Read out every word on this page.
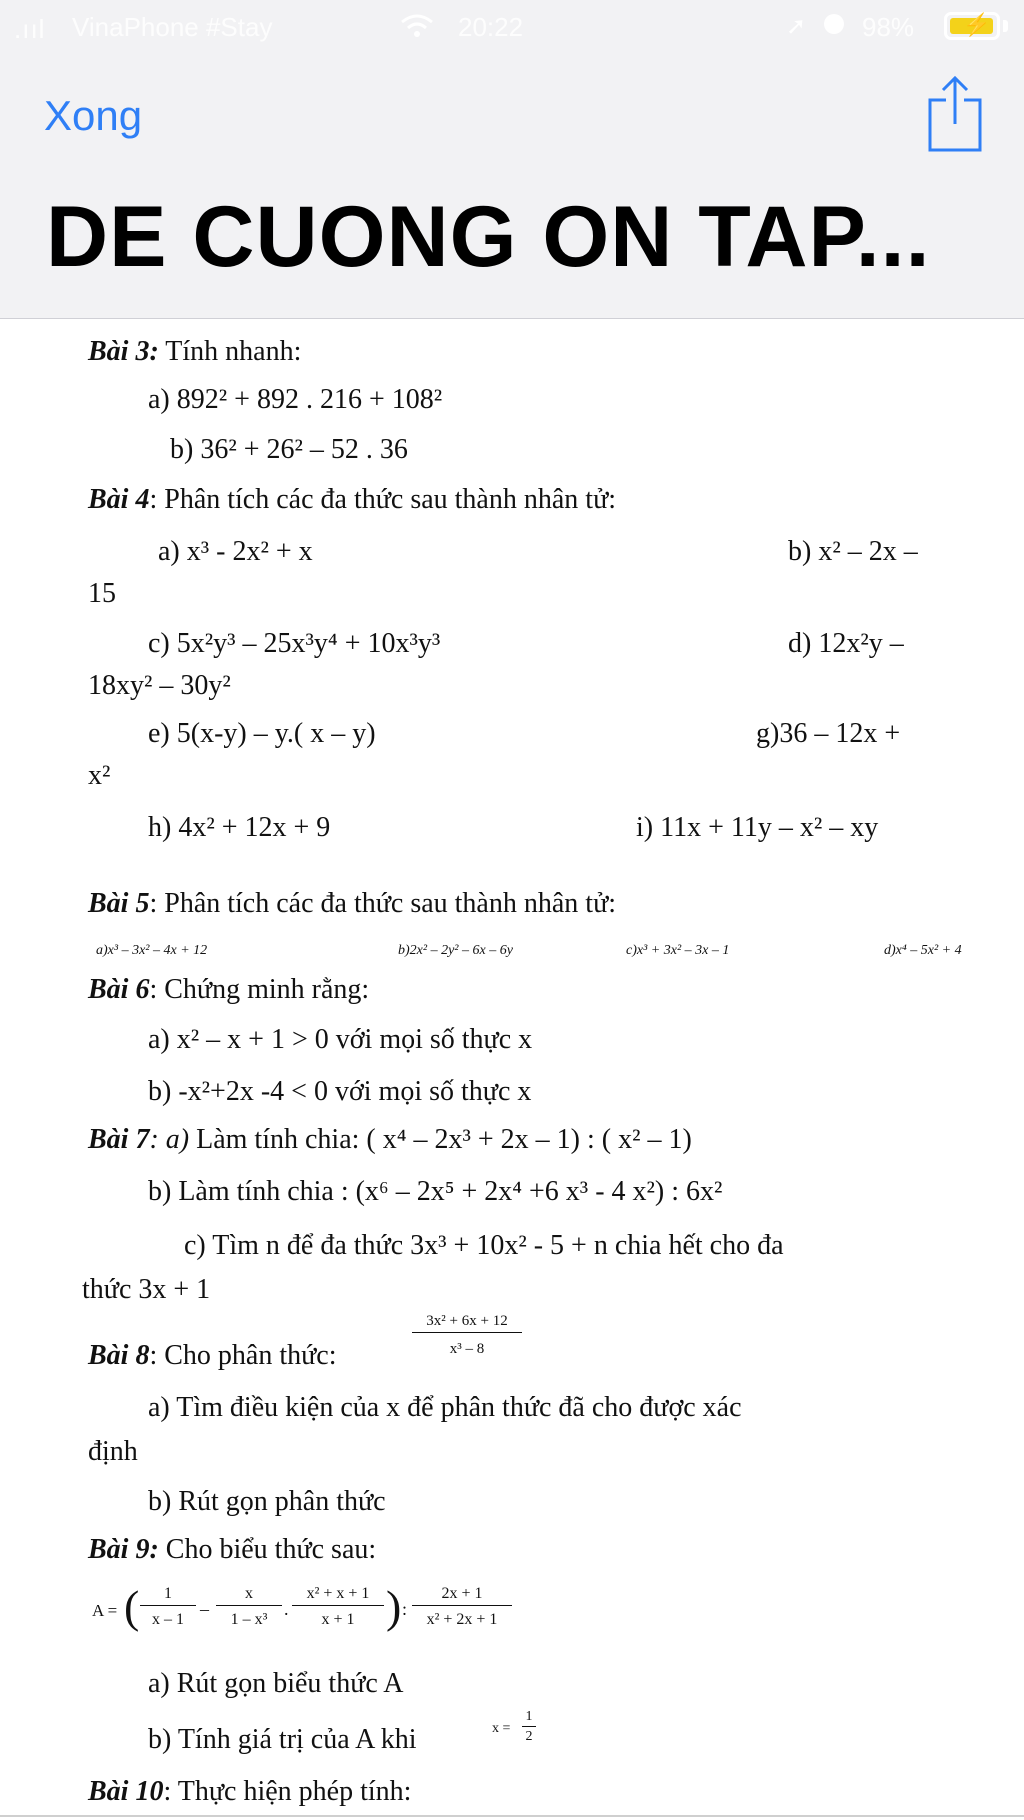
.ııl VinaPhone #Stay	20:22	➚ 98% ⚡
Xong
DE CUONG ON TAP...
Bài 3: Tính nhanh:
a) 892² + 892 . 216 + 108²
b) 36² + 26² – 52 . 36
Bài 4: Phân tích các đa thức sau thành nhân tử:
a) x³ - 2x² + x	b) x² – 2x –
15
c) 5x²y³ – 25x³y⁴ + 10x³y³	d) 12x²y –
18xy² – 30y²
e) 5(x-y) – y.( x – y)	g)36 – 12x +
x²
h) 4x² + 12x + 9	i) 11x + 11y – x² – xy
Bài 5: Phân tích các đa thức sau thành nhân tử:
a)x³ – 3x² – 4x + 12	b)2x² – 2y² – 6x – 6y	c)x³ + 3x² – 3x – 1	d)x⁴ – 5x² + 4
Bài 6: Chứng minh rằng:
a) x² – x + 1 > 0 với mọi số thực x
b) -x²+2x -4 < 0 với mọi số thực x
Bài 7: a) Làm tính chia: ( x⁴ – 2x³ + 2x – 1) : ( x² – 1)
b) Làm tính chia : (x⁶ – 2x⁵ + 2x⁴ +6 x³ - 4 x²) : 6x²
c) Tìm n để đa thức 3x³ + 10x² - 5 + n chia hết cho đa
thức 3x + 1
Bài 8: Cho phân thức:
3x² + 6x + 12
x³ – 8
a) Tìm điều kiện của x để phân thức đã cho được xác
định
b) Rút gọn phân thức
Bài 9: Cho biểu thức sau:
A = (	1
x – 1
–
x
1 – x³
.
x² + x + 1
x + 1 ) :
2x + 1
x² + 2x + 1
a) Rút gọn biểu thức A
b) Tính giá trị của A khi	x =
1
2
Bài 10: Thực hiện phép tính:
